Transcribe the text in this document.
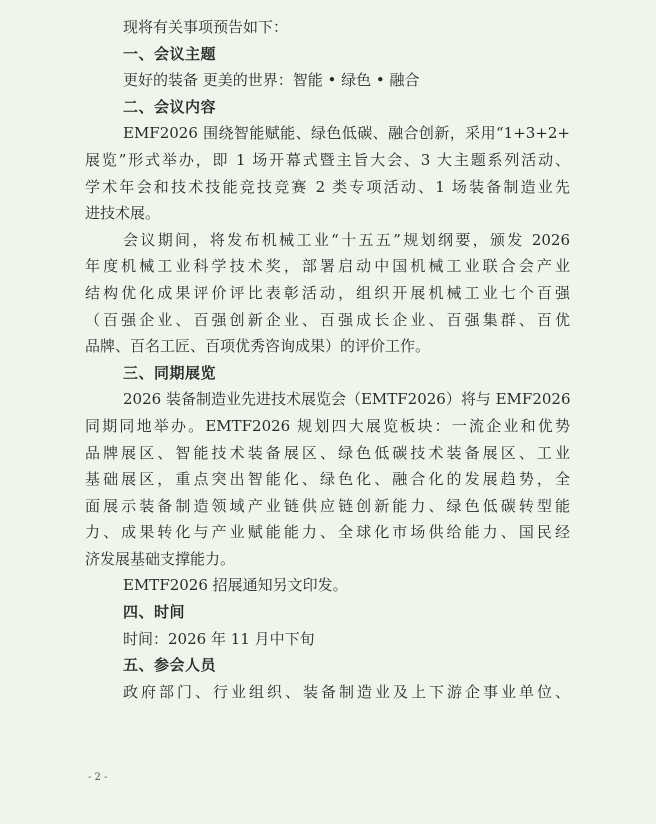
现将有关事项预告如下：
一、会议主题
更好的装备 更美的世界：智能 • 绿色 • 融合
二、会议内容
EMF2026 围绕智能赋能、绿色低碳、融合创新，采用“1+3+2+
展览”形式举办，即 1 场开幕式暨主旨大会、3 大主题系列活动、
学术年会和技术技能竞技竞赛 2 类专项活动、1 场装备制造业先
进技术展。
会议期间，将发布机械工业“十五五”规划纲要，颁发 2026
年度机械工业科学技术奖，部署启动中国机械工业联合会产业
结构优化成果评价评比表彰活动，组织开展机械工业七个百强
（百强企业、百强创新企业、百强成长企业、百强集群、百优
品牌、百名工匠、百项优秀咨询成果）的评价工作。
三、同期展览
2026 装备制造业先进技术展览会（EMTF2026）将与 EMF2026
同期同地举办。EMTF2026 规划四大展览板块：一流企业和优势
品牌展区、智能技术装备展区、绿色低碳技术装备展区、工业
基础展区，重点突出智能化、绿色化、融合化的发展趋势，全
面展示装备制造领域产业链供应链创新能力、绿色低碳转型能
力、成果转化与产业赋能能力、全球化市场供给能力、国民经
济发展基础支撑能力。
EMTF2026 招展通知另文印发。
四、时间
时间：2026 年 11 月中下旬
五、参会人员
政府部门、行业组织、装备制造业及上下游企事业单位、
- 2 -
